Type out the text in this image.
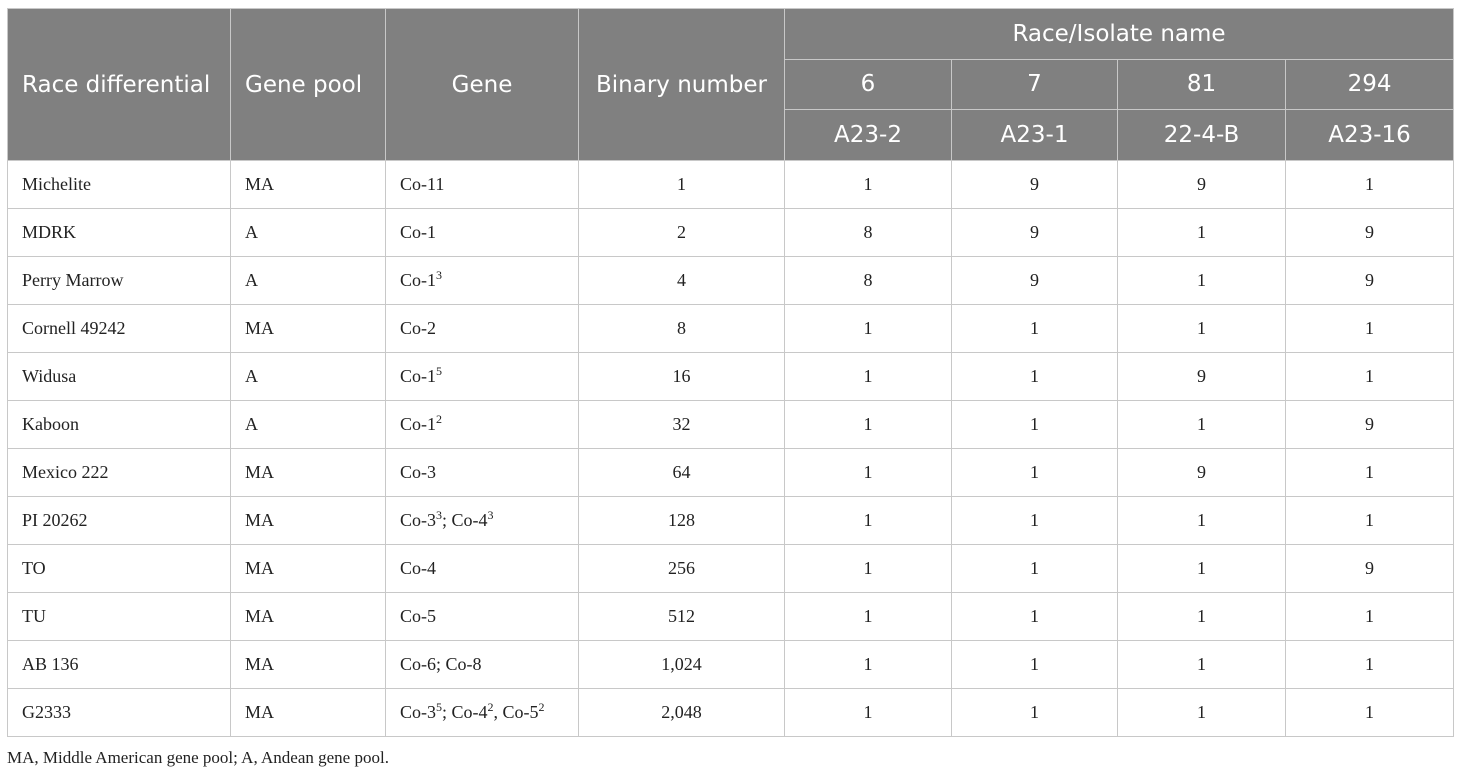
Race differential	Gene pool	Gene	Binary number	Race/Isolate name			
				6	7	81	294
				A23-2	A23-1	22-4-B	A23-16
Michelite	MA	Co-11	1	1	9	9	1
MDRK	A	Co-1	2	8	9	1	9
Perry Marrow	A	$Co-1^3$	4	8	9	1	9
Cornell 49242	MA	Co-2	8	1	1	1	1
Widusa	A	$Co-1^5$	16	1	1	9	1
Kaboon	A	$Co-1^2$	32	1	1	1	9
Mexico 222	MA	Co-3	64	1	1	9	1
PI 20262	MA	$Co-3^3$; $Co-4^3$	128	1	1	1	1
TO	MA	Co-4	256	1	1	1	9
TU	MA	Co-5	512	1	1	1	1
AB 136	MA	Co-6; Co-8	1,024	1	1	1	1
G2333	MA	$Co-3^5$; $Co-4^2$, $Co-5^2$	2,048	1	1	1	1
MA, Middle American gene pool; A, Andean gene pool.
